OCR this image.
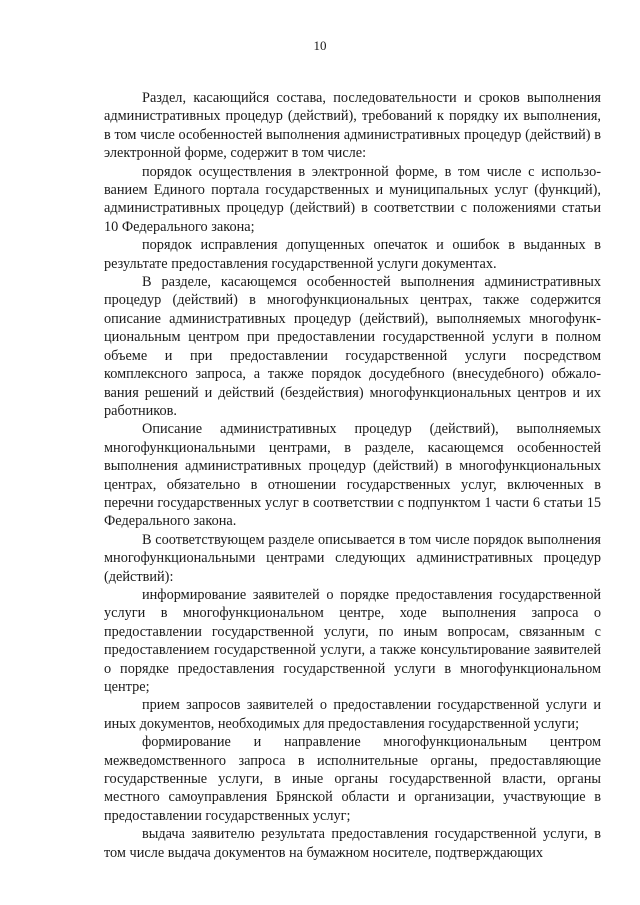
10

Раздел, касающийся состава, последовательности и сроков выполнения административных процедур (действий), требований к порядку их выполнения, в том числе особенностей выполнения административных процедур (действий) в электронной форме, содержит в том числе:

порядок осуществления в электронной форме, в том числе с использованием Единого портала государственных и муниципальных услуг (функций), административных процедур (действий) в соответствии с положениями статьи 10 Федерального закона;

порядок исправления допущенных опечаток и ошибок в выданных в результате предоставления государственной услуги документах.

В разделе, касающемся особенностей выполнения административных процедур (действий) в многофункциональных центрах, также содержится описание административных процедур (действий), выполняемых многофункциональным центром при предоставлении государственной услуги в полном объеме и при предоставлении государственной услуги посредством комплексного запроса, а также порядок досудебного (внесудебного) обжалования решений и действий (бездействия) многофункциональных центров и их работников.

Описание административных процедур (действий), выполняемых многофункциональными центрами, в разделе, касающемся особенностей выполнения административных процедур (действий) в многофункциональных центрах, обязательно в отношении государственных услуг, включенных в перечни государственных услуг в соответствии с подпунктом 1 части 6 статьи 15 Федерального закона.

В соответствующем разделе описывается в том числе порядок выполнения многофункциональными центрами следующих административных процедур (действий):

информирование заявителей о порядке предоставления государственной услуги в многофункциональном центре, ходе выполнения запроса о предоставлении государственной услуги, по иным вопросам, связанным с предоставлением государственной услуги, а также консультирование заявителей о порядке предоставления государственной услуги в многофункциональном центре;

прием запросов заявителей о предоставлении государственной услуги и иных документов, необходимых для предоставления государственной услуги;

формирование и направление многофункциональным центром межведомственного запроса в исполнительные органы, предоставляющие государственные услуги, в иные органы государственной власти, органы местного самоуправления Брянской области и организации, участвующие в предоставлении государственных услуг;

выдача заявителю результата предоставления государственной услуги, в том числе выдача документов на бумажном носителе, подтверждающих
